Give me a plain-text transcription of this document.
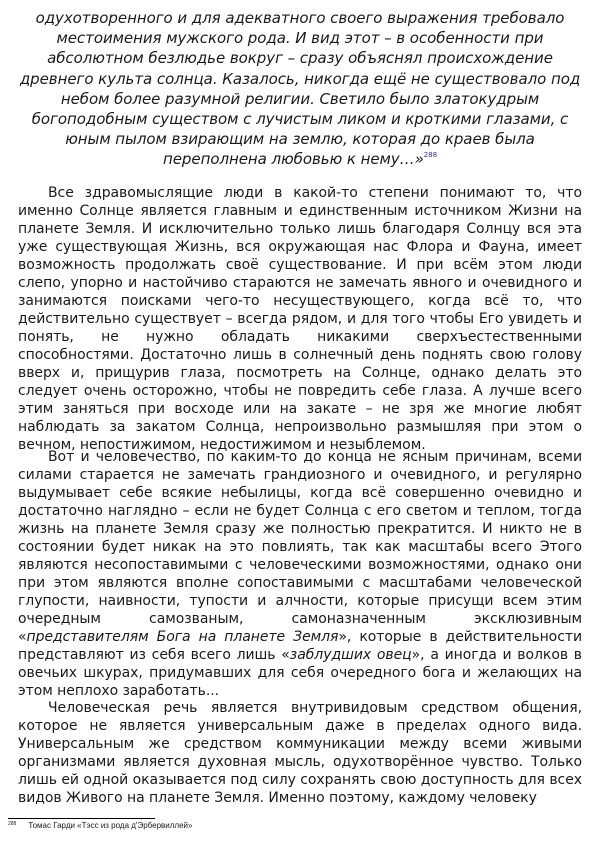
одухотворенного и для адекватного своего выражения требовало местоимения мужского рода. И вид этот – в особенности при абсолютном безлюдье вокруг – сразу объяснял происхождение древнего культа солнца. Казалось, никогда ещё не существовало под небом более разумной религии. Светило было златокудрым богоподобным существом с лучистым ликом и кроткими глазами, с юным пылом взирающим на землю, которая до краев была переполнена любовью к нему…»$^{288}$
Все здравомыслящие люди в какой-то степени понимают то, что именно Солнце является главным и единственным источником Жизни на планете Земля. И исключительно только лишь благодаря Солнцу вся эта уже существующая Жизнь, вся окружающая нас Флора и Фауна, имеет возможность продолжать своё существование. И при всём этом люди слепо, упорно и настойчиво стараются не замечать явного и очевидного и занимаются поисками чего-то несуществующего, когда всё то, что действительно существует – всегда рядом, и для того чтобы Его увидеть и понять, не нужно обладать никакими сверхъестественными способностями. Достаточно лишь в солнечный день поднять свою голову вверх и, прищурив глаза, посмотреть на Солнце, однако делать это следует очень осторожно, чтобы не повредить себе глаза. А лучше всего этим заняться при восходе или на закате – не зря же многие любят наблюдать за закатом Солнца, непроизвольно размышляя при этом о вечном, непостижимом, недостижимом и незыблемом.
Вот и человечество, по каким-то до конца не ясным причинам, всеми силами старается не замечать грандиозного и очевидного, и регулярно выдумывает себе всякие небылицы, когда всё совершенно очевидно и достаточно наглядно – если не будет Солнца с его светом и теплом, тогда жизнь на планете Земля сразу же полностью прекратится. И никто не в состоянии будет никак на это повлиять, так как масштабы всего Этого являются несопоставимыми с человеческими возможностями, однако они при этом являются вполне сопоставимыми с масштабами человеческой глупости, наивности, тупости и алчности, которые присущи всем этим очередным самозваным, самоназначенным эксклюзивным «представителям Бога на планете Земля», которые в действительности представляют из себя всего лишь «заблудших овец», а иногда и волков в овечьих шкурах, придумавших для себя очередного бога и желающих на этом неплохо заработать...
Человеческая речь является внутривидовым средством общения, которое не является универсальным даже в пределах одного вида. Универсальным же средством коммуникации между всеми живыми организмами является духовная мысль, одухотворённое чувство. Только лишь ей одной оказывается под силу сохранять свою доступность для всех видов Живого на планете Земля. Именно поэтому, каждому человеку
$^{288}$ Томас Гарди «Тэсс из рода д'Эрбервиллей»
